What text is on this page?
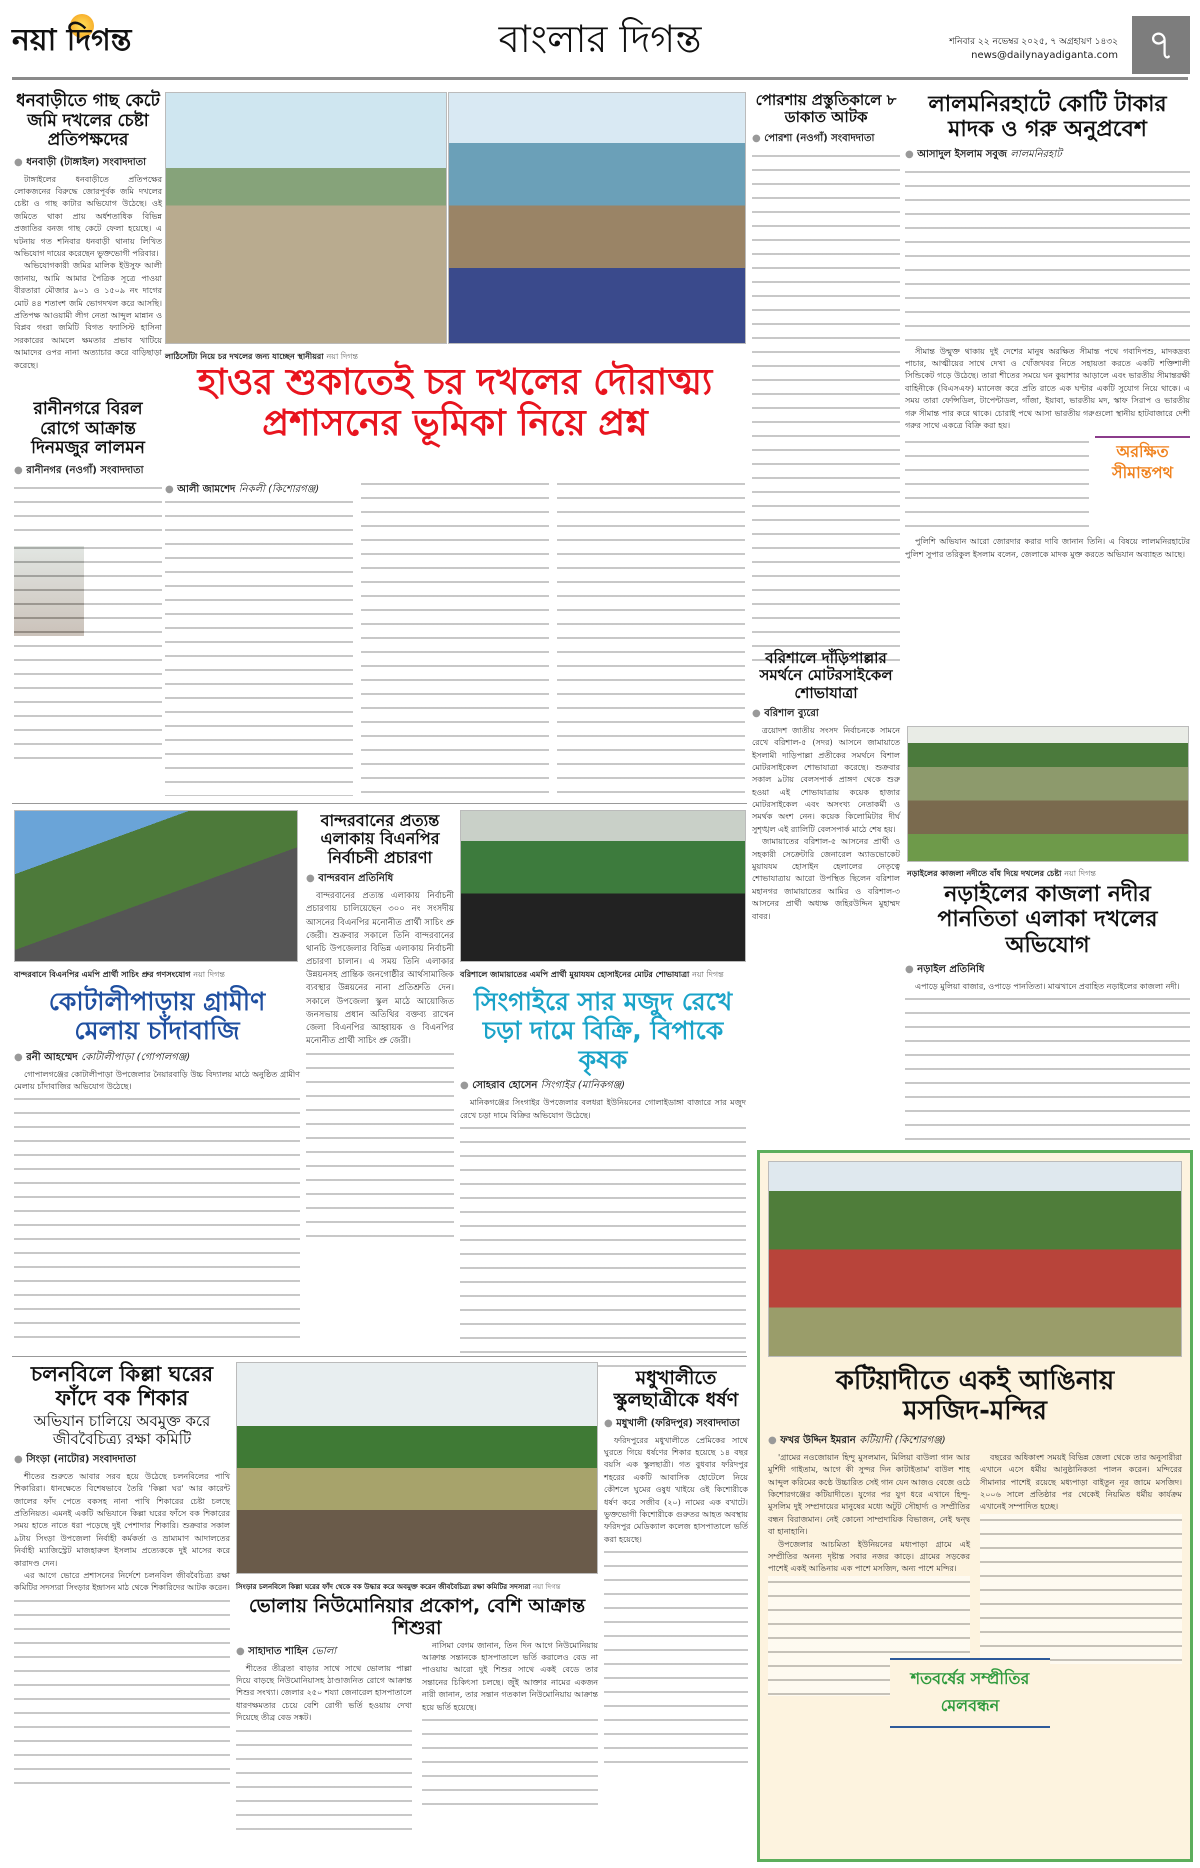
নয়া দিগন্ত	বাংলার দিগন্ত	শনিবার ২২ নভেম্বর ২০২৫, ৭ অগ্রহায়ণ ১৪৩২
news@dailynayadiganta.com ৭
ধনবাড়ীতে গাছ কেটে জমি দখলের চেষ্টা প্রতিপক্ষদের
● ধনবাড়ী (টাঙ্গাইল) সংবাদদাতা

টাঙ্গাইলের ধনবাড়ীতে প্রতিপক্ষের লোকজনের বিরুদ্ধে জোরপূর্বক জমি দখলের চেষ্টা ও গাছ কাটার অভিযোগ উঠেছে। ওই জমিতে থাকা প্রায় অর্ধশতাধিক বিভিন্ন প্রজাতির বনজ গাছ কেটে ফেলা হয়েছে। এ ঘটনায় গত শনিবার ধনবাড়ী থানায় লিখিত অভিযোগ দায়ের করেছেন ভুক্তভোগী পরিবার।

অভিযোগকারী জমির মালিক ইউসুফ আলী জানায়, আমি আমার পৈত্রিক সূত্রে পাওয়া বীরতারা মৌজার ৯০১ ও ১৫০৯ নং দাগের মোট ৪৪ শতাংশ জমি ভোগদখল করে আসছি। প্রতিপক্ষ আওয়ামী লীগ নেতা আব্দুল মান্নান ও বিপ্লব গংরা জমিটি বিগত ফ্যাসিস্ট হাসিনা সরকারের আমলে ক্ষমতার প্রভাব খাটিয়ে আমাদের ওপর নানা অত্যাচার করে বাড়িছাড়া করেছে।

রানীনগরে বিরল রোগে আক্রান্ত দিনমজুর লালমন
● রানীনগর (নওগাঁ) সংবাদদাতা
লাঠিসোঁটা নিয়ে চর দখলের জন্য যাচ্ছেন স্থানীয়রা নয়া দিগন্ত
হাওর শুকাতেই চর দখলের দৌরাত্ম্য
প্রশাসনের ভূমিকা নিয়ে প্রশ্ন
● আলী জামশেদ নিকলী (কিশোরগঞ্জ)
পোরশায় প্রস্তুতিকালে ৮ ডাকাত আটক
● পোরশা (নওগাঁ) সংবাদদাতা
বরিশালে দাঁড়িপাল্লার সমর্থনে মোটরসাইকেল শোভাযাত্রা
● বরিশাল ব্যুরো

ত্রয়োদশ জাতীয় সংসদ নির্বাচনকে সামনে রেখে বরিশাল-৫ (সদর) আসনে জামায়াতে ইসলামী দাড়িপাল্লা প্রতীকের সমর্থনে বিশাল মোটরসাইকেল শোভাযাত্রা করেছে। শুক্রবার সকাল ৯টায় বেলসপার্ক প্রাঙ্গণ থেকে শুরু হওয়া এই শোভাযাত্রায় কয়েক হাজার মোটরসাইকেল এবং অসংখ্য নেতাকর্মী ও সমর্থক অংশ নেন। কয়েক কিলোমিটার দীর্ঘ সুশৃঙ্খল এই র‍্যালিটি বেলসপার্ক মাঠে শেষ হয়।

জামায়াতের বরিশাল-৫ আসনের প্রার্থী ও সহকারী সেক্রেটারি জেনারেল অ্যাডভোকেট মুয়াযযম হোসাইন হেলালের নেতৃত্বে শোভাযাত্রায় আরো উপস্থিত ছিলেন বরিশাল মহানগর জামায়াতের আমির ও বরিশাল-৩ আসনের প্রার্থী অধ্যক্ষ জহিরউদ্দিন মুহাম্মদ বাবর।

লালমনিরহাটে কোটি টাকার মাদক ও গরু অনুপ্রবেশ
● আসাদুল ইসলাম সবুজ লালমনিরহাট

সীমান্ত উন্মুক্ত থাকায় দুই দেশের মানুষ অরক্ষিত সীমান্ত পথে গবাদিপশু, মাদকদ্রব্য পাচার, আত্মীয়ের সাথে দেখা ও খোঁজখবর নিতে সহায়তা করতে একটি শক্তিশালী সিন্ডিকেট গড়ে উঠেছে। তারা শীতের সময়ে ঘন কুয়াশার আড়ালে এবং ভারতীয় সীমান্তরক্ষী বাহিনীকে (বিএসএফ) ম্যানেজ করে প্রতি রাতে এক ঘণ্টার একটি সুযোগ নিয়ে থাকে। এ সময় তারা ফেন্সিডিল, টাপেন্টাডল, গাঁজা, ইয়াবা, ভারতীয় মদ, স্কাফ সিরাপ ও ভারতীয় গরু সীমান্ত পার করে থাকে। চোরাই পথে আসা ভারতীয় গরুগুলো স্থানীয় হাটবাজারে দেশী গরুর সাথে একত্রে বিক্রি করা হয়।

অরক্ষিত সীমান্তপথ

পুলিশি অভিযান আরো জোরদার করার দাবি জানান তিনি। এ বিষয়ে লালমনিরহাটের পুলিশ সুপার তরিকুল ইসলাম বলেন, জেলাকে মাদক মুক্ত করতে অভিযান অব্যাহত আছে।

নড়াইলের কাজলা নদীতে বাঁধ দিয়ে দখলের চেষ্টা নয়া দিগন্ত
নড়াইলের কাজলা নদীর পানতিতা এলাকা দখলের অভিযোগ
● নড়াইল প্রতিনিধি

এপাড়ে মুলিয়া বাজার, ওপাড়ে পানতিতা। মাঝখানে প্রবাহিত নড়াইলের কাজলা নদী।

বান্দরবানে বিএনপির এমপি প্রার্থী সাচিং প্রুর গণসংযোগ নয়া দিগন্ত
বান্দরবানের প্রত্যন্ত এলাকায় বিএনপির নির্বাচনী প্রচারণা
● বান্দরবান প্রতিনিধি

বান্দরবানের প্রত্যন্ত এলাকায় নির্বাচনী প্রচারণায় চালিয়েছেন ৩০০ নং সংসদীয় আসনের বিএনপির মনোনীত প্রার্থী সাচিং প্রু জেরী। শুক্রবার সকালে তিনি বান্দরবানের থানচি উপজেলার বিভিন্ন এলাকায় নির্বাচনী প্রচারণা চালান। এ সময় তিনি এলাকার উন্নয়নসহ প্রান্তিক জনগোষ্ঠীর আর্থসামাজিক ব্যবস্থার উন্নয়নের নানা প্রতিশ্রুতি দেন। সকালে উপজেলা স্কুল মাঠে আয়োজিত জনসভায় প্রধান অতিথির বক্তব্য রাখেন জেলা বিএনপির আহ্বায়ক ও বিএনপির মনোনীত প্রার্থী সাচিং প্রু জেরী।

বরিশালে জামায়াতের এমপি প্রার্থী মুয়াযযম হোসাইনের মোটর শোভাযাত্রা নয়া দিগন্ত
কোটালীপাড়ায় গ্রামীণ মেলায় চাঁদাবাজি
● রনী আহম্মেদ কোটালীপাড়া (গোপালগঞ্জ)

গোপালগঞ্জের কোটালীপাড়া উপজেলার নৈয়ারবাড়ি উচ্চ বিদ্যালয় মাঠে অনুষ্ঠিত গ্রামীণ মেলায় চাঁদাবাজির অভিযোগ উঠেছে।

সিংগাইরে সার মজুদ রেখে চড়া দামে বিক্রি, বিপাকে কৃষক
● সোহরাব হোসেন সিংগাইর (মানিকগঞ্জ)

মানিকগঞ্জের সিংগাইর উপজেলার বলধরা ইউনিয়নের গোলাইডাঙ্গা বাজারে সার মজুদ রেখে চড়া দামে বিক্রির অভিযোগ উঠেছে।

কটিয়াদীতে একই আঙিনায় মসজিদ-মন্দির
● ফখর উদ্দিন ইমরান কটিয়াদী (কিশোরগঞ্জ)

'গ্রামের নওজোয়ান হিন্দু মুসলমান, মিলিয়া বাউলা গান আর মুর্শিদী গাইতাম, আগে কী সুন্দর দিন কাটাইতাম' বাউল শাহ আব্দুল করিমের কণ্ঠে উচ্চারিত সেই গান যেন আজও বেজে ওঠে কিশোরগঞ্জের কটিয়াদীতে। যুগের পর যুগ ধরে এখানে হিন্দু-মুসলিম দুই সম্প্রদায়ের মানুষের মধ্যে অটুট সৌহার্দ্য ও সম্প্রীতির বন্ধন বিরাজমান। নেই কোনো সাম্প্রদায়িক বিভাজন, নেই দ্বন্দ্ব বা হানাহানি।

উপজেলার আচমিতা ইউনিয়নের মধ্যপাড়া গ্রামে এই সম্প্রীতির অনন্য দৃষ্টান্ত সবার নজর কাড়ে। গ্রামের সড়কের পাশেই একই আঙিনায় এক পাশে মসজিদ, অন্য পাশে মন্দির।

বছরের অধিকাংশ সময়ই বিভিন্ন জেলা থেকে তার অনুসারীরা এখানে এসে ধর্মীয় আনুষ্ঠানিকতা পালন করেন। মন্দিরের সীমানার পাশেই রয়েছে মধ্যপাড়া বাইতুন নূর জামে মসজিদ। ২০০৬ সালে প্রতিষ্ঠার পর থেকেই নিয়মিত ধর্মীয় কার্যক্রম এখানেই সম্পাদিত হচ্ছে।

শতবর্ষের সম্প্রীতির মেলবন্ধন
চলনবিলে কিল্লা ঘরের ফাঁদে বক শিকার
অভিযান চালিয়ে অবমুক্ত করে জীববৈচিত্র্য রক্ষা কমিটি
● সিংড়া (নাটোর) সংবাদদাতা

শীতের শুরুতে আবার সরব হয়ে উঠেছে চলনবিলের পাখি শিকারিরা। ধানক্ষেতে বিশেষভাবে তৈরি 'কিল্লা ঘর' আর কারেন্ট জালের ফাঁদ পেতে বকসহ নানা পাখি শিকারের চেষ্টা চলছে প্রতিনিয়ত। এমনই একটি অভিযানে কিল্লা ঘরের ফাঁসে বক শিকারের সময় হাতে নাতে ধরা পড়েছে দুই পেশাদার শিকারি। শুক্রবার সকাল ৯টায় সিংড়া উপজেলা নির্বাহী কর্মকর্তা ও ভ্রাম্যমাণ আদালতের নির্বাহী ম্যাজিস্ট্রেট মাজহারুল ইসলাম প্রত্যেককে দুই মাসের করে কারাদণ্ড দেন।

এর আগে ভোরে প্রশাসনের নির্দেশে চলনবিল জীববৈচিত্র্য রক্ষা কমিটির সদস্যরা সিংড়ার ইন্দ্রাসন মাঠ থেকে শিকারিদের আটক করেন। সিংড়ার চলনবিলে কিল্লা ঘরের ফাঁদ থেকে বক উদ্ধার করে অবমুক্ত করেন জীববৈচিত্র্য রক্ষা কমিটির সদস্যরা নয়া দিগন্ত
ভোলায় নিউমোনিয়ার প্রকোপ, বেশি আক্রান্ত শিশুরা
● সাহাদাত শাহিন ভোলা

শীতের তীব্রতা বাড়ার সাথে সাথে ভোলায় পাল্লা দিয়ে বাড়ছে নিউমোনিয়াসহ ঠাণ্ডাজনিত রোগে আক্রান্ত শিশুর সংখ্যা। জেলার ২৫০ শয্যা জেনারেল হাসপাতালে ধারণক্ষমতার চেয়ে বেশি রোগী ভর্তি হওয়ায় দেখা দিয়েছে তীব্র বেড সঙ্কট।

নাসিমা বেগম জানান, তিন দিন আগে নিউমোনিয়ায় আক্রান্ত সন্তানকে হাসপাতালে ভর্তি করালেও বেড না পাওয়ায় আরো দুই শিশুর সাথে একই বেডে তার সন্তানের চিকিৎসা চলছে। জুঁই আক্তার নামের একজন নারী জানান, তার সন্তান গতকাল নিউমোনিয়ায় আক্রান্ত হয়ে ভর্তি হয়েছে।

মধুখালীতে স্কুলছাত্রীকে ধর্ষণ
● মধুখালী (ফরিদপুর) সংবাদদাতা

ফরিদপুরের মধুখালীতে প্রেমিকের সাথে ঘুরতে গিয়ে ধর্ষণের শিকার হয়েছে ১৪ বছর বয়সি এক স্কুলছাত্রী। গত বুধবার ফরিদপুর শহরের একটি আবাসিক হোটেলে নিয়ে কৌশলে ঘুমের ওষুধ খাইয়ে ওই কিশোরীকে ধর্ষণ করে সজীব (২০) নামের এক বখাটে। ভুক্তভোগী কিশোরীকে গুরুতর আহত অবস্থায় ফরিদপুর মেডিক্যাল কলেজ হাসপাতালে ভর্তি করা হয়েছে।
